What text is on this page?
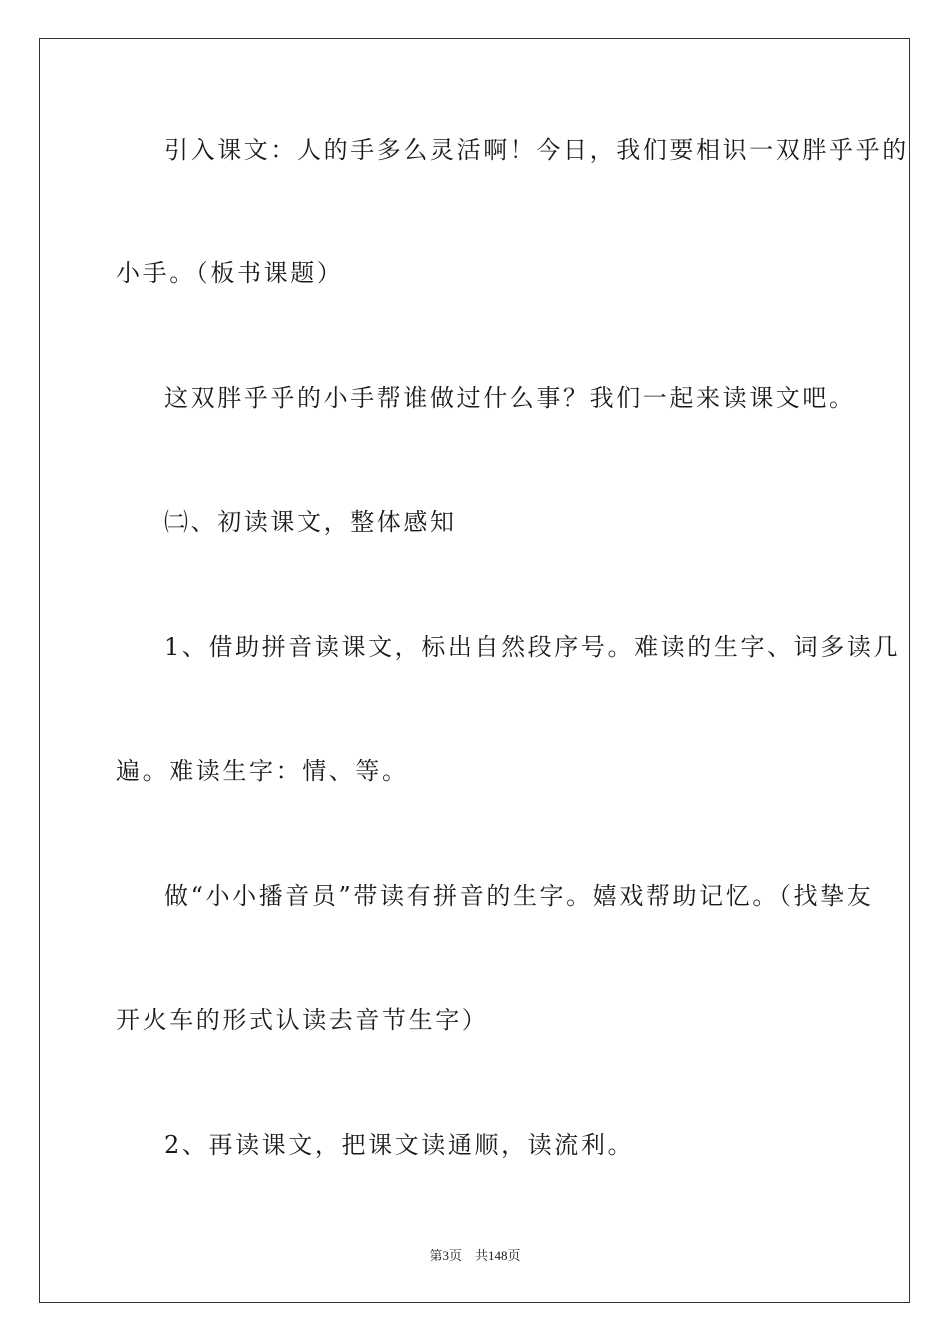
引入课文：人的手多么灵活啊！今日，我们要相识一双胖乎乎的
小手。（板书课题）
这双胖乎乎的小手帮谁做过什么事？我们一起来读课文吧。
㈡、初读课文，整体感知
1、借助拼音读课文，标出自然段序号。难读的生字、词多读几
遍。难读生字：情、等。
做“小小播音员”带读有拼音的生字。嬉戏帮助记忆。（找挚友
开火车的形式认读去音节生字）
2、再读课文，把课文读通顺，读流利。
第3页　共148页
